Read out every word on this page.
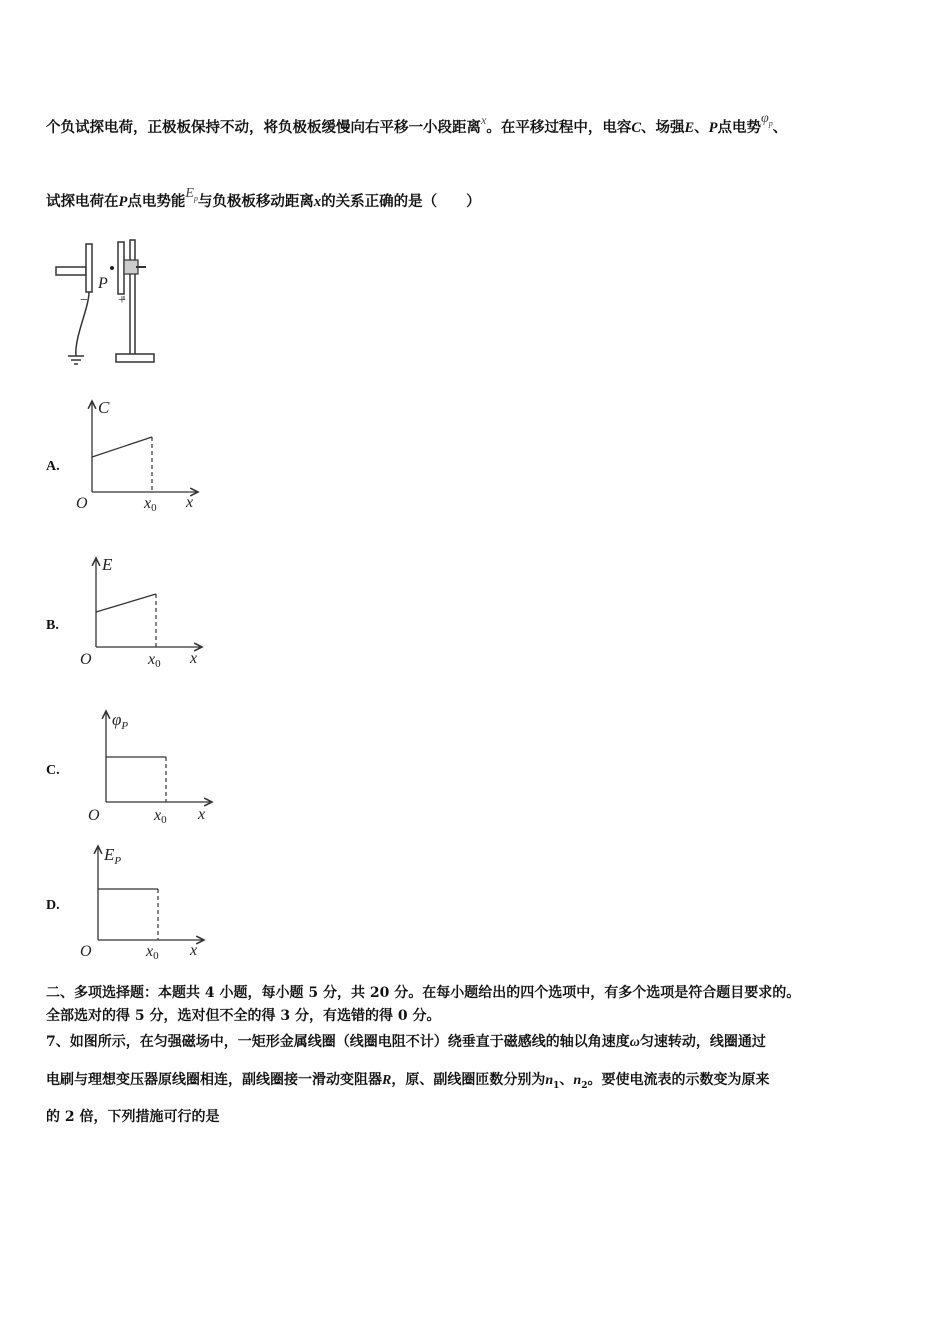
个负试探电荷，正极板保持不动，将负极板缓慢向右平移一小段距离$^x$。在平移过程中，电容C、场强E、P点电势$\varphi_p$、
试探电荷在P点电势能$E_p$与负极板移动距离x的关系正确的是（　　）
P
− +
A.
C
O	x0 x
B.
E
O	x0 x
C.
$\varphi_P$
O	x0 x
D.
$E_P$
O	x0 x
二、多项选择题：本题共 4 小题，每小题 5 分，共 20 分。在每小题给出的四个选项中，有多个选项是符合题目要求的。
全部选对的得 5 分，选对但不全的得 3 分，有选错的得 0 分。
7、如图所示，在匀强磁场中，一矩形金属线圈（线圈电阻不计）绕垂直于磁感线的轴以角速度ω匀速转动，线圈通过
电刷与理想变压器原线圈相连，副线圈接一滑动变阻器R，原、副线圈匝数分别为$n_1$、$n_2$。要使电流表的示数变为原来
的 2 倍，下列措施可行的是
